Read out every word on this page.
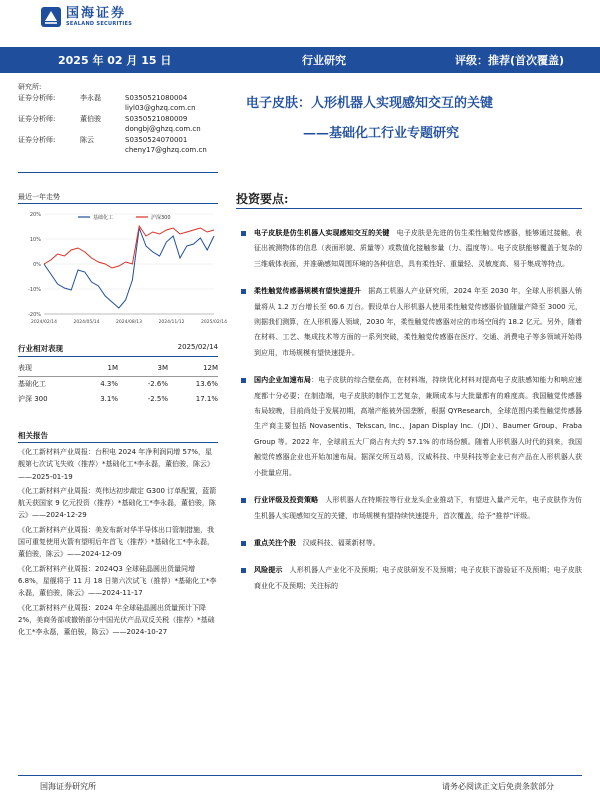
国海证券
SEALAND SECURITIES
2025 年 02 月 15 日	行业研究	评级：推荐(首次覆盖)
研究所:
证券分析师:	李永磊	S0350521080004
liyl03@ghzq.com.cn
证券分析师:	董伯骏	S0350521080009
dongbj@ghzq.com.cn
证券分析师:	陈云	S0350524070001
cheny17@ghzq.com.cn
电子皮肤：人形机器人实现感知交互的关键
——基础化工行业专题研究
最近一年走势
20%
10%
0%
-10%
-20%
2024/02/14	2024/05/14	2024/08/13	2024/11/12	2025/02/14
基础化工	沪深300
行业相对表现	2025/02/14
表现	1M	3M	12M
基础化工	4.3%	-2.6%	13.6%
沪深 300	3.1%	-2.5%	17.1%
相关报告
《化工新材料产业周报：台积电 2024 年净利润同增 57%，星舰第七次试飞失败（推荐）*基础化工*李永磊，董伯骏，陈云》——2025-01-19
《化工新材料产业周报：英伟达初步敲定 G300 订单配置，蓝箭航天获国家 9 亿元投资（推荐）*基础化工*李永磊，董伯骏，陈云》——2024-12-29
《化工新材料产业周报：美发布新对华半导体出口管制措施，我国可重复使用火箭有望明后年首飞（推荐）*基础化工*李永磊，董伯骏，陈云》——2024-12-09
《化工新材料产业周报：2024Q3 全球硅晶圆出货量同增 6.8%，星舰将于 11 月 18 日第六次试飞（推荐）*基础化工*李永磊，董伯骏，陈云》——2024-11-17
《化工新材料产业周报：2024 年全球硅晶圆出货量预计下降 2%，美商务部或撤销部分中国光伏产品双反关税（推荐）*基础化工*李永磊，董伯骏，陈云》——2024-10-27
投资要点:
电子皮肤是仿生机器人实现感知交互的关键 电子皮肤是先进的仿生柔性触觉传感器，能够通过接触，表征出被测物体的信息（表面形貌、质量等）或数值化接触参量（力、温度等）。电子皮肤能够覆盖于复杂的三维载体表面，并准确感知周围环境的各种信息，具有柔性好、重量轻、灵敏度高、易于集成等特点。
柔性触觉传感器规模有望快速提升 据高工机器人产业研究所，2024 年至 2030 年，全球人形机器人销量将从 1.2 万台增长至 60.6 万台。假设单台人形机器人使用柔性触觉传感器价值随量产降至 3000 元，则据我们测算，在人形机器人领域，2030 年，柔性触觉传感器对应的市场空间约 18.2 亿元。另外，随着在材料、工艺、集成技术等方面的一系列突破，柔性触觉传感器在医疗、交通、消费电子等多领域开始得到应用，市场规模有望快速提升。
国内企业加速布局：电子皮肤的综合壁垒高，在材料端，持续优化材料对提高电子皮肤感知能力和响应速度都十分必要；在制造端，电子皮肤的制作工艺复杂，兼顾成本与大批量都有的难度高。我国触觉传感器布局较晚，目前尚处于发展初期，高端产能被外国垄断，根据 QYResearch，全球范围内柔性触觉传感器生产商主要包括 Novasentis、Tekscan, Inc.、Japan Display Inc.（JDI）、Baumer Group、Fraba Group 等。2022 年，全球前五大厂商占有大约 57.1% 的市场份额。随着人形机器人时代的到来，我国触觉传感器企业也开始加速布局。据深交所互动易，汉威科技、中昊科技等企业已有产品在人形机器人获小批量应用。
行业评级及投资策略 人形机器人在特斯拉等行业龙头企业推动下，有望进入量产元年，电子皮肤作为仿生机器人实现感知交互的关键，市场规模有望持续快速提升，首次覆盖，给予“推荐”评级。
重点关注个股 汉威科技、福莱新材等。
风险提示 人形机器人产业化不及预期；电子皮肤研发不及预期；电子皮肤下游验证不及预期；电子皮肤商业化不及预期；关注标的
国海证券研究所	请务必阅读正文后免责条款部分
